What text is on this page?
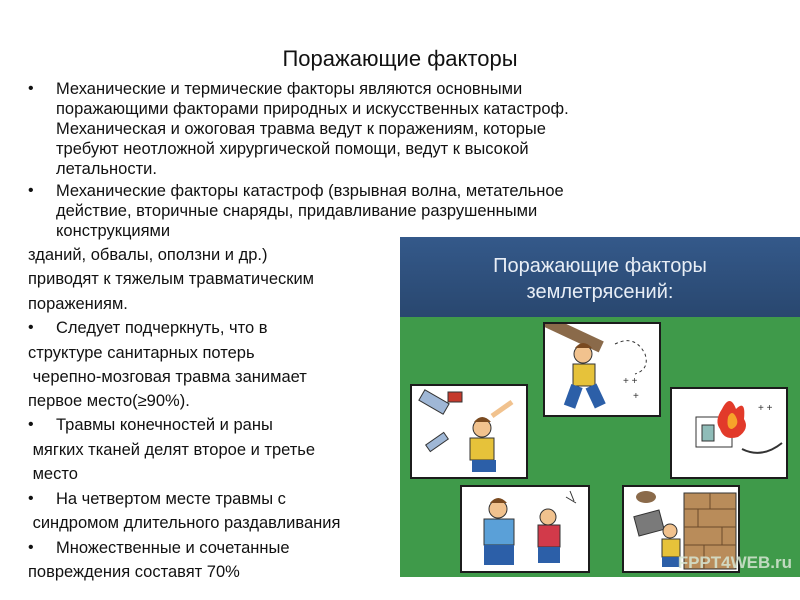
Поражающие факторы
•
•
•
•
•
•
Механические и термические факторы являются основными
поражающими факторами природных и искусственных катастроф.
Механическая и ожоговая травма ведут к поражениям, которые
требуют неотложной хирургической помощи, ведут к высокой
летальности.
Механические факторы катастроф (взрывная волна, метательное
действие, вторичные снаряды, придавливание разрушенными
конструкциями
зданий, обвалы, оползни и др.)
приводят к тяжелым травматическим
поражениям.
Следует подчеркнуть, что в
структуре санитарных потерь
черепно-мозговая травма занимает
первое место(≥90%).
Травмы конечностей и раны
мягких тканей делят второе и третье
место
На четвертом месте травмы с
синдромом длительного раздавливания
Множественные и сочетанные
повреждения составят 70%
Поражающие факторы
землетрясений:
+ +
+
+ +
FPPT4WEB.ru
